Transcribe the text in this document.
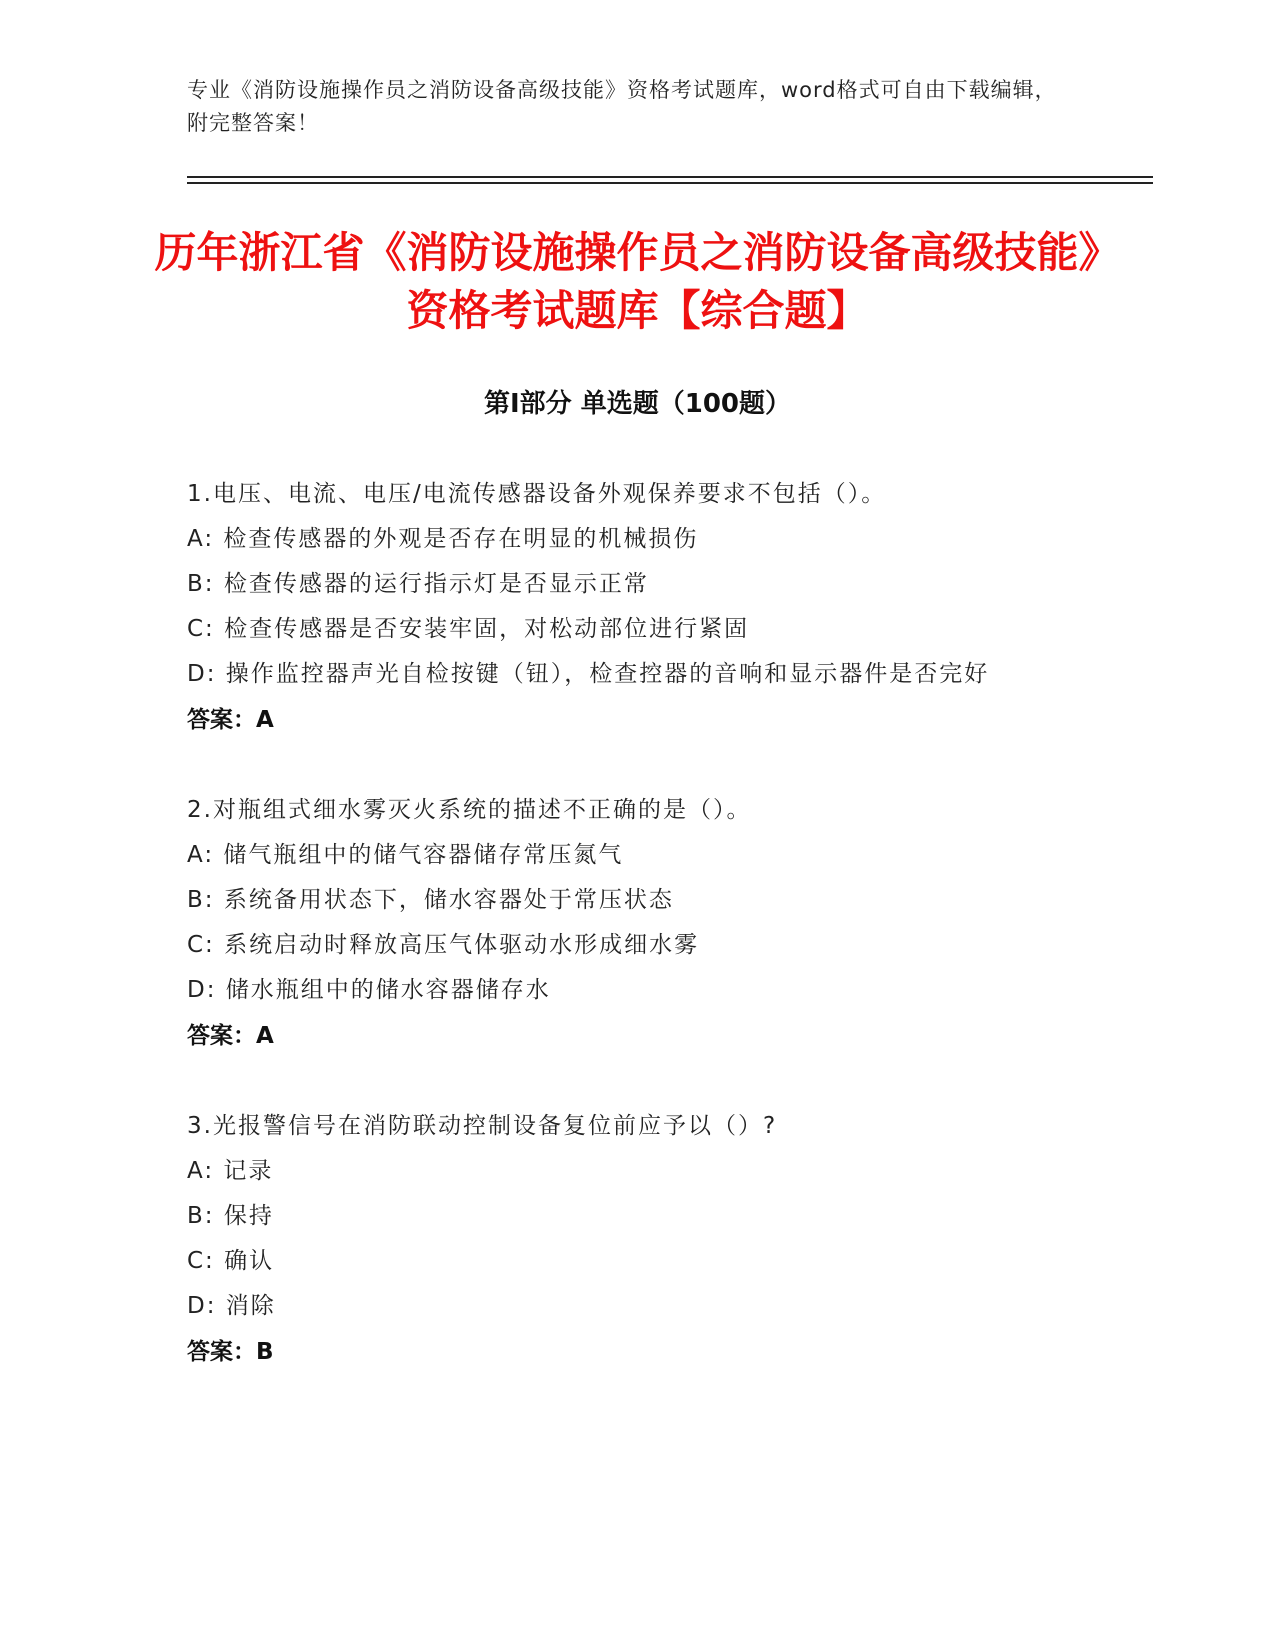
专业《消防设施操作员之消防设备高级技能》资格考试题库，word格式可自由下载编辑，附完整答案！
历年浙江省《消防设施操作员之消防设备高级技能》资格考试题库【综合题】
第Ⅰ部分 单选题（100题）
1.电压、电流、电压/电流传感器设备外观保养要求不包括（）。
A: 检查传感器的外观是否存在明显的机械损伤
B: 检查传感器的运行指示灯是否显示正常
C: 检查传感器是否安装牢固，对松动部位进行紧固
D: 操作监控器声光自检按键（钮），检查控器的音响和显示器件是否完好
答案：A
2.对瓶组式细水雾灭火系统的描述不正确的是（）。
A: 储气瓶组中的储气容器储存常压氮气
B: 系统备用状态下，储水容器处于常压状态
C: 系统启动时释放高压气体驱动水形成细水雾
D: 储水瓶组中的储水容器储存水
答案：A
3.光报警信号在消防联动控制设备复位前应予以（）?
A: 记录
B: 保持
C: 确认
D: 消除
答案：B
